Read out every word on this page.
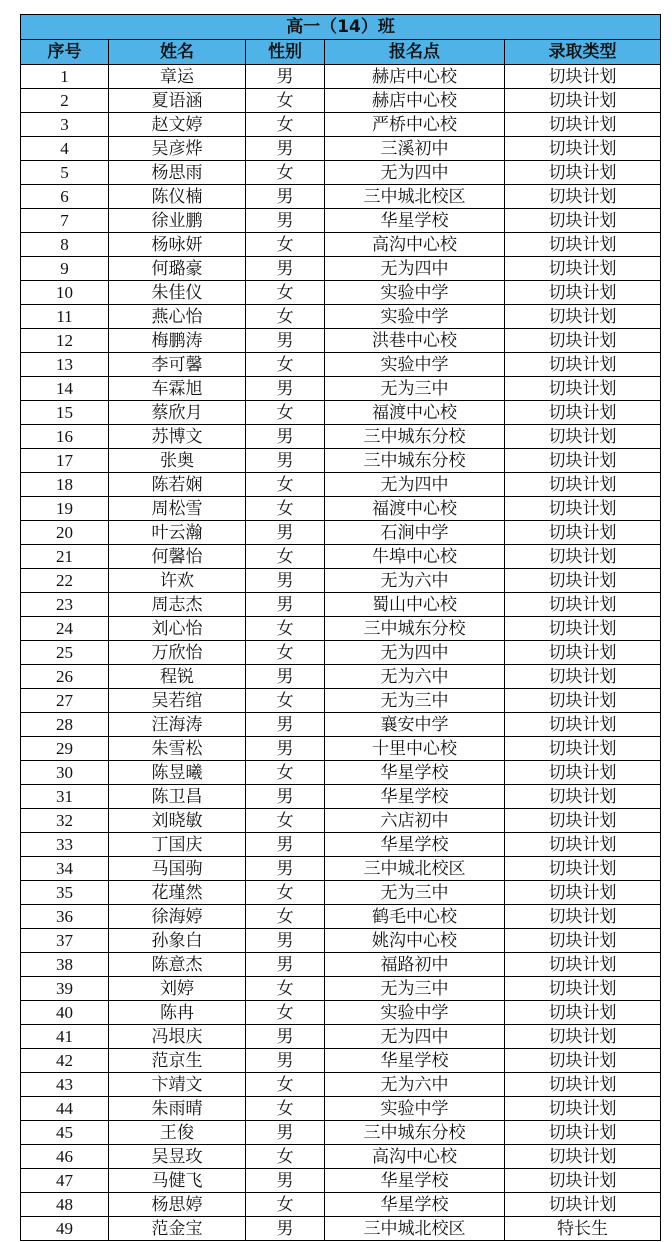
高一（14）班				
序号	姓名	性别	报名点	录取类型
1	章运	男	赫店中心校	切块计划
2	夏语涵	女	赫店中心校	切块计划
3	赵文婷	女	严桥中心校	切块计划
4	吴彦烨	男	三溪初中	切块计划
5	杨思雨	女	无为四中	切块计划
6	陈仪楠	男	三中城北校区	切块计划
7	徐业鹏	男	华星学校	切块计划
8	杨咏妍	女	高沟中心校	切块计划
9	何璐豪	男	无为四中	切块计划
10	朱佳仪	女	实验中学	切块计划
11	燕心怡	女	实验中学	切块计划
12	梅鹏涛	男	洪巷中心校	切块计划
13	李可馨	女	实验中学	切块计划
14	车霖旭	男	无为三中	切块计划
15	蔡欣月	女	福渡中心校	切块计划
16	苏博文	男	三中城东分校	切块计划
17	张奥	男	三中城东分校	切块计划
18	陈若娴	女	无为四中	切块计划
19	周松雪	女	福渡中心校	切块计划
20	叶云瀚	男	石涧中学	切块计划
21	何馨怡	女	牛埠中心校	切块计划
22	许欢	男	无为六中	切块计划
23	周志杰	男	蜀山中心校	切块计划
24	刘心怡	女	三中城东分校	切块计划
25	万欣怡	女	无为四中	切块计划
26	程锐	男	无为六中	切块计划
27	吴若绾	女	无为三中	切块计划
28	汪海涛	男	襄安中学	切块计划
29	朱雪松	男	十里中心校	切块计划
30	陈昱曦	女	华星学校	切块计划
31	陈卫昌	男	华星学校	切块计划
32	刘晓敏	女	六店初中	切块计划
33	丁国庆	男	华星学校	切块计划
34	马国驹	男	三中城北校区	切块计划
35	花瑾然	女	无为三中	切块计划
36	徐海婷	女	鹤毛中心校	切块计划
37	孙象白	男	姚沟中心校	切块计划
38	陈意杰	男	福路初中	切块计划
39	刘婷	女	无为三中	切块计划
40	陈冉	女	实验中学	切块计划
41	冯垠庆	男	无为四中	切块计划
42	范京生	男	华星学校	切块计划
43	卞靖文	女	无为六中	切块计划
44	朱雨晴	女	实验中学	切块计划
45	王俊	男	三中城东分校	切块计划
46	吴昱玫	女	高沟中心校	切块计划
47	马健飞	男	华星学校	切块计划
48	杨思婷	女	华星学校	切块计划
49	范金宝	男	三中城北校区	特长生
